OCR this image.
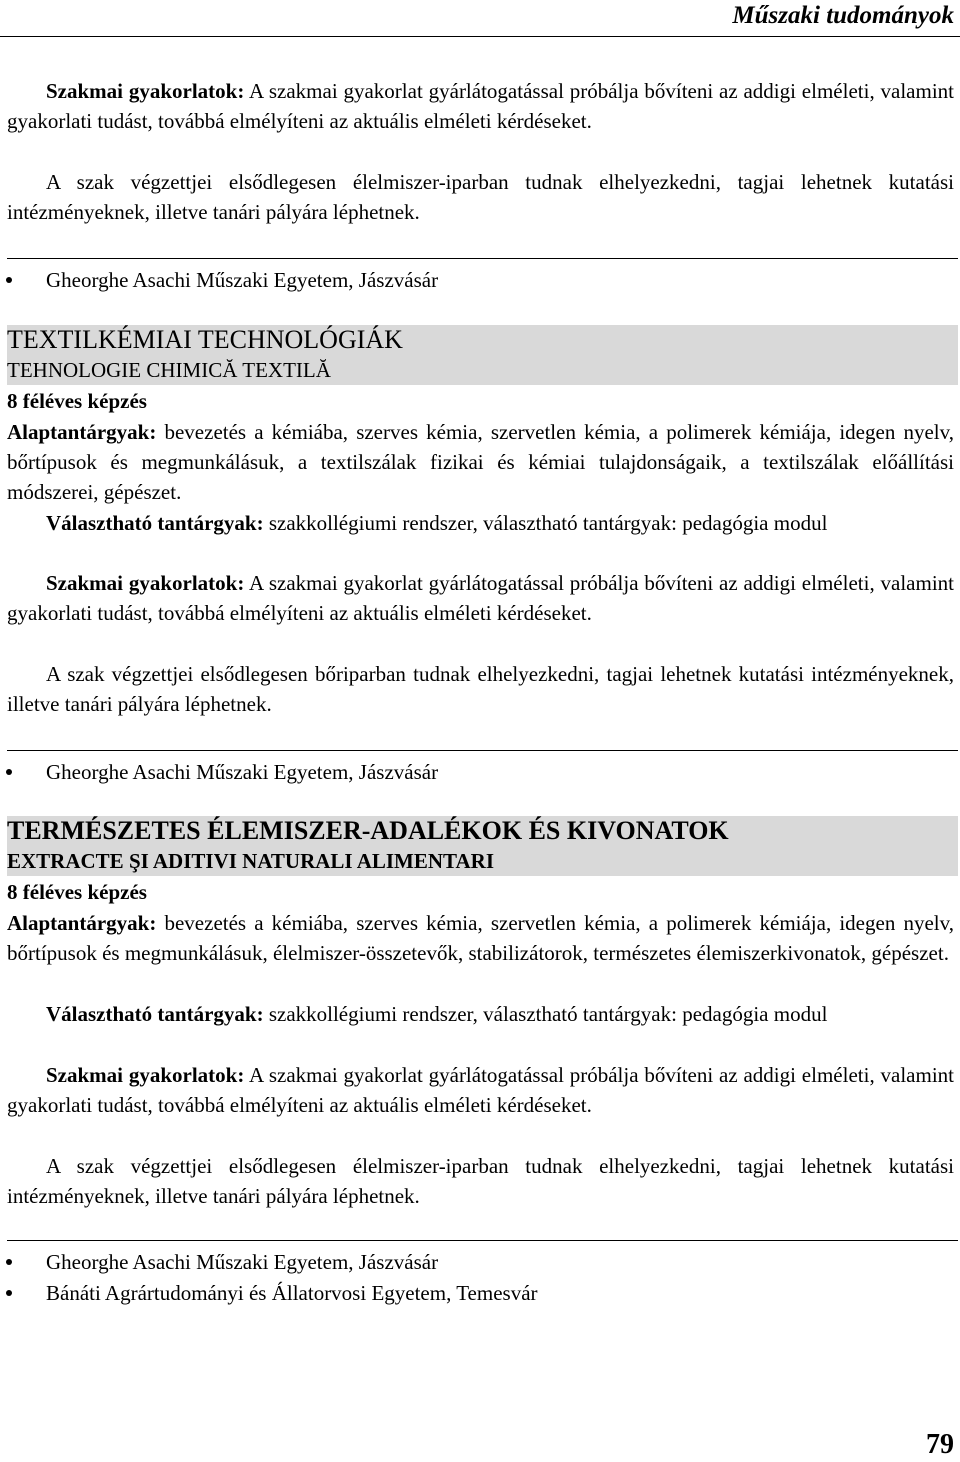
Műszaki tudományok

Szakmai gyakorlatok: A szakmai gyakorlat gyárlátogatással próbálja bővíteni az addigi elméleti, valamint gyakorlati tudást, továbbá elmélyíteni az aktuális elméleti kérdéseket.

A szak végzettjei elsődlegesen élelmiszer-iparban tudnak elhelyezkedni, tagjai lehetnek kutatási intézményeknek, illetve tanári pályára léphetnek.

Gheorghe Asachi Műszaki Egyetem, Jászvásár
TEXTILKÉMIAI TECHNOLÓGIÁK
TEHNOLOGIE CHIMICĂ TEXTILĂ
8 féléves képzés

Alaptantárgyak: bevezetés a kémiába, szerves kémia, szervetlen kémia, a polimerek kémiája, idegen nyelv, bőrtípusok és megmunkálásuk, a textilszálak fizikai és kémiai tulajdonságaik, a textilszálak előállítási módszerei, gépészet.

Választható tantárgyak: szakkollégiumi rendszer, választható tantárgyak: pedagógia modul

Szakmai gyakorlatok: A szakmai gyakorlat gyárlátogatással próbálja bővíteni az addigi elméleti, valamint gyakorlati tudást, továbbá elmélyíteni az aktuális elméleti kérdéseket.

A szak végzettjei elsődlegesen bőriparban tudnak elhelyezkedni, tagjai lehetnek kutatási intézményeknek, illetve tanári pályára léphetnek.

Gheorghe Asachi Műszaki Egyetem, Jászvásár
TERMÉSZETES ÉLEMISZER-ADALÉKOK ÉS KIVONATOK
EXTRACTE ŞI ADITIVI NATURALI ALIMENTARI
8 féléves képzés

Alaptantárgyak: bevezetés a kémiába, szerves kémia, szervetlen kémia, a polimerek kémiája, idegen nyelv, bőrtípusok és megmunkálásuk, élelmiszer-összetevők, stabilizátorok, természetes élemiszerkivonatok, gépészet.

Választható tantárgyak: szakkollégiumi rendszer, választható tantárgyak: pedagógia modul

Szakmai gyakorlatok: A szakmai gyakorlat gyárlátogatással próbálja bővíteni az addigi elméleti, valamint gyakorlati tudást, továbbá elmélyíteni az aktuális elméleti kérdéseket.

A szak végzettjei elsődlegesen élelmiszer-iparban tudnak elhelyezkedni, tagjai lehetnek kutatási intézményeknek, illetve tanári pályára léphetnek.

Gheorghe Asachi Műszaki Egyetem, Jászvásár
Bánáti Agrártudományi és Állatorvosi Egyetem, Temesvár
79
